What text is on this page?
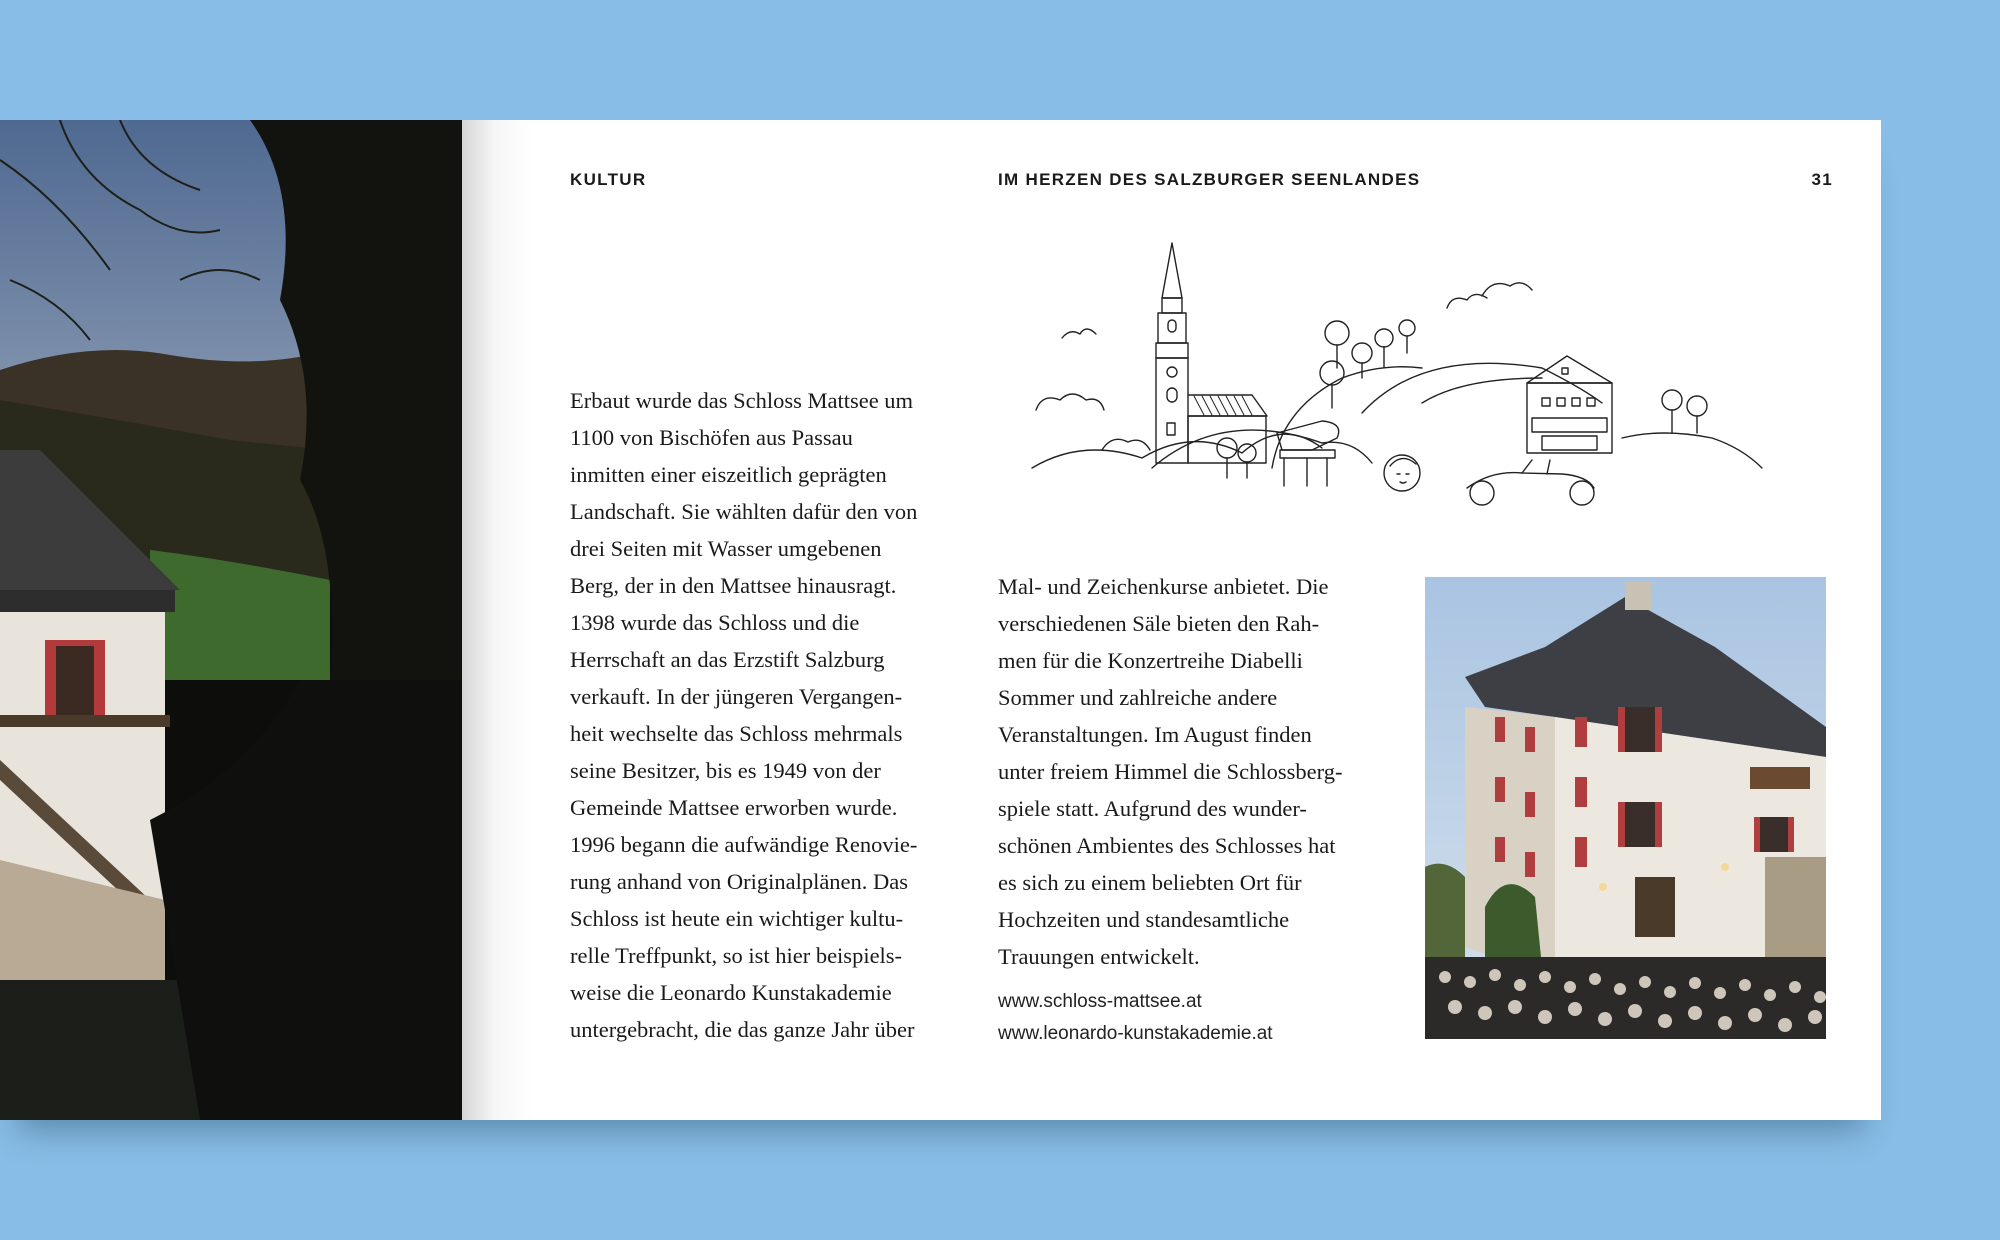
KULTUR	IM HERZEN DES SALZBURGER SEENLANDES	31

Erbaut wurde das Schloss Mattsee um

1100 von Bischöfen aus Passau

inmitten einer eiszeitlich geprägten

Landschaft. Sie wählten dafür den von

drei Seiten mit Wasser umgebenen

Berg, der in den Mattsee hinausragt.

1398 wurde das Schloss und die

Herrschaft an das Erzstift Salzburg

verkauft. In der jüngeren Vergangen-

heit wechselte das Schloss mehrmals

seine Besitzer, bis es 1949 von der

Gemeinde Mattsee erworben wurde.

1996 begann die aufwändige Renovie-

rung anhand von Originalplänen. Das

Schloss ist heute ein wichtiger kultu-

relle Treffpunkt, so ist hier beispiels-

weise die Leonardo Kunstakademie

untergebracht, die das ganze Jahr über

Mal- und Zeichenkurse anbietet. Die

verschiedenen Säle bieten den Rah-

men für die Konzertreihe Diabelli

Sommer und zahlreiche andere

Veranstaltungen. Im August finden

unter freiem Himmel die Schlossberg-

spiele statt. Aufgrund des wunder-

schönen Ambientes des Schlosses hat

es sich zu einem beliebten Ort für

Hochzeiten und standesamtliche

Trauungen entwickelt.

www.schloss-mattsee.at
www.leonardo-kunstakademie.at
